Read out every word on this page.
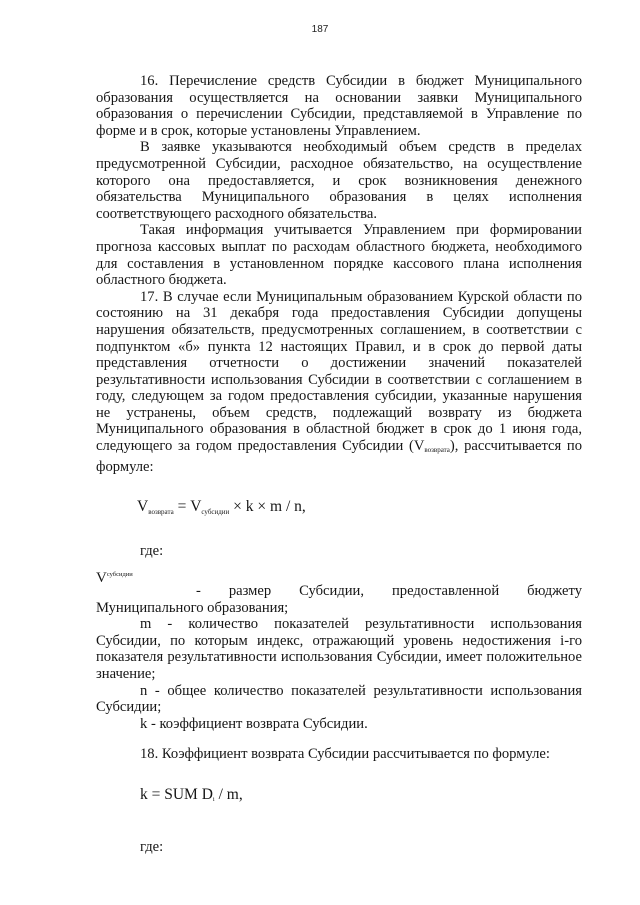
187

16. Перечисление средств Субсидии в бюджет Муниципального образования осуществляется на основании заявки Муниципального образования о перечислении Субсидии, представляемой в Управление по форме и в срок, которые установлены Управлением.

В заявке указываются необходимый объем средств в пределах предусмотренной Субсидии, расходное обязательство, на осуществление которого она предоставляется, и срок возникновения денежного обязательства Муниципального образования в целях исполнения соответствующего расходного обязательства.

Такая информация учитывается Управлением при формировании прогноза кассовых выплат по расходам областного бюджета, необходимого для составления в установленном порядке кассового плана исполнения областного бюджета.

17. В случае если Муниципальным образованием Курской области по состоянию на 31 декабря года предоставления Субсидии допущены нарушения обязательств, предусмотренных соглашением, в соответствии с подпунктом «б» пункта 12 настоящих Правил, и в срок до первой даты представления отчетности о достижении значений показателей результативности использования Субсидии в соответствии с соглашением в году, следующем за годом предоставления субсидии, указанные нарушения не устранены, объем средств, подлежащий возврату из бюджета Муниципального образования в областной бюджет в срок до 1 июня года, следующего за годом предоставления Субсидии (Vвозврата), рассчитывается по формуле:

$V_{возврата} = V_{субсидии} \times k \times m / n$,
где:
$V_{субсидии}$

- размер Субсидии, предоставленной бюджету Муниципального образования;

m - количество показателей результативности использования Субсидии, по которым индекс, отражающий уровень недостижения i-го показателя результативности использования Субсидии, имеет положительное значение;

n - общее количество показателей результативности использования Субсидии;

k - коэффициент возврата Субсидии.

18. Коэффициент возврата Субсидии рассчитывается по формуле:

k = SUM $D_i$ / m,
где:
